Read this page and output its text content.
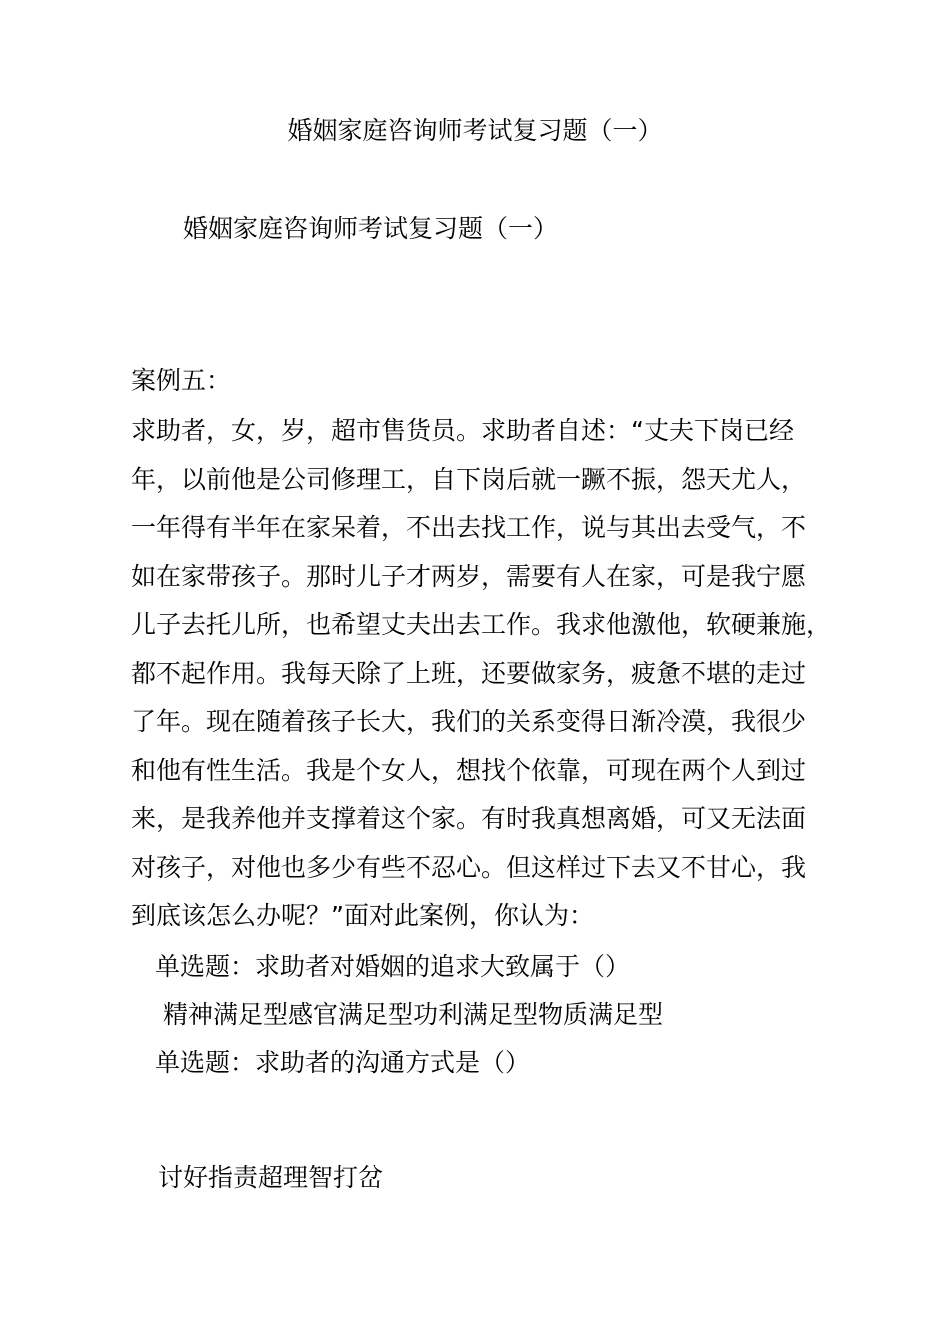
婚姻家庭咨询师考试复习题（一）
婚姻家庭咨询师考试复习题（一）
案例五：
求助者，女，岁，超市售货员。求助者自述：“丈夫下岗已经
年，以前他是公司修理工，自下岗后就一蹶不振，怨天尤人，
一年得有半年在家呆着，不出去找工作，说与其出去受气，不
如在家带孩子。那时儿子才两岁，需要有人在家，可是我宁愿
儿子去托儿所，也希望丈夫出去工作。我求他激他，软硬兼施，
都不起作用。我每天除了上班，还要做家务，疲惫不堪的走过
了年。现在随着孩子长大，我们的关系变得日渐冷漠，我很少
和他有性生活。我是个女人，想找个依靠，可现在两个人到过
来，是我养他并支撑着这个家。有时我真想离婚，可又无法面
对孩子，对他也多少有些不忍心。但这样过下去又不甘心，我
到底该怎么办呢？”面对此案例，你认为：
单选题：求助者对婚姻的追求大致属于（）
精神满足型感官满足型功利满足型物质满足型
单选题：求助者的沟通方式是（）
讨好指责超理智打岔
